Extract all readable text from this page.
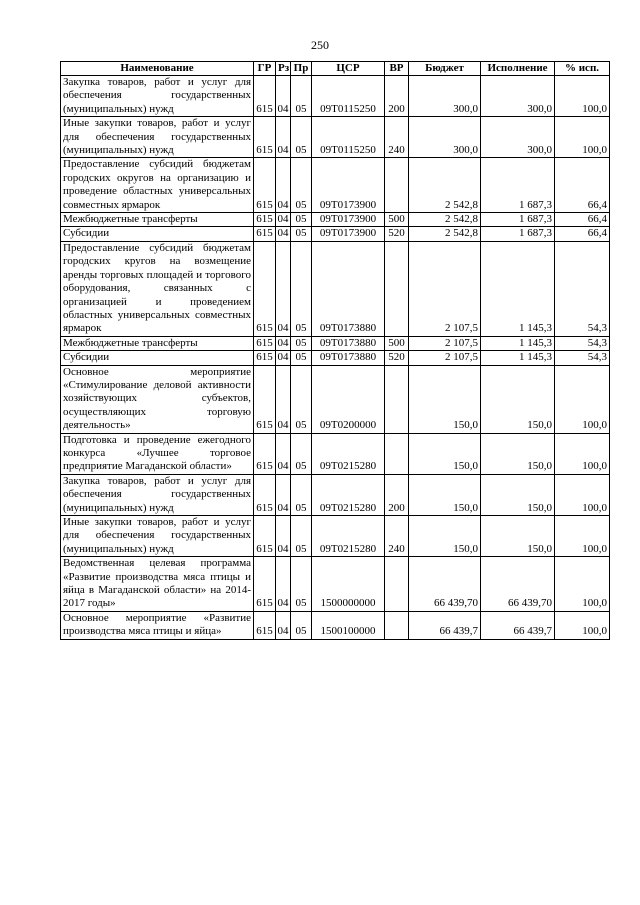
250
Наименование	ГР	Рз	Пр	ЦСР	ВР	Бюджет	Исполнение	% исп.
Закупка товаров, работ и услуг для обеспечения государственных (муниципальных) нужд	615	04	05	09Т0115250	200	300,0	300,0	100,0
Иные закупки товаров, работ и услуг для обеспечения государственных (муниципальных) нужд	615	04	05	09Т0115250	240	300,0	300,0	100,0
Предоставление субсидий бюджетам городских округов на организацию и проведение областных универсальных совместных ярмарок	615	04	05	09Т0173900		2 542,8	1 687,3	66,4
Межбюджетные трансферты	615	04	05	09Т0173900	500	2 542,8	1 687,3	66,4
Субсидии	615	04	05	09Т0173900	520	2 542,8	1 687,3	66,4
Предоставление субсидий бюджетам городских кругов на возмещение аренды торговых площадей и торгового оборудования, связанных с организацией и проведением областных универсальных совместных ярмарок	615	04	05	09Т0173880		2 107,5	1 145,3	54,3
Межбюджетные трансферты	615	04	05	09Т0173880	500	2 107,5	1 145,3	54,3
Субсидии	615	04	05	09Т0173880	520	2 107,5	1 145,3	54,3
Основное мероприятие «Стимулирование деловой активности хозяйствующих субъектов, осуществляющих торговую деятельность»	615	04	05	09Т0200000		150,0	150,0	100,0
Подготовка и проведение ежегодного конкурса «Лучшее торговое предприятие Магаданской области»	615	04	05	09Т0215280		150,0	150,0	100,0
Закупка товаров, работ и услуг для обеспечения государственных (муниципальных) нужд	615	04	05	09Т0215280	200	150,0	150,0	100,0
Иные закупки товаров, работ и услуг для обеспечения государственных (муниципальных) нужд	615	04	05	09Т0215280	240	150,0	150,0	100,0
Ведомственная целевая программа «Развитие производства мяса птицы и яйца в Магаданской области» на 2014-2017 годы»	615	04	05	1500000000		66 439,70	66 439,70	100,0
Основное мероприятие «Развитие производства мяса птицы и яйца»	615	04	05	1500100000		66 439,7	66 439,7	100,0
